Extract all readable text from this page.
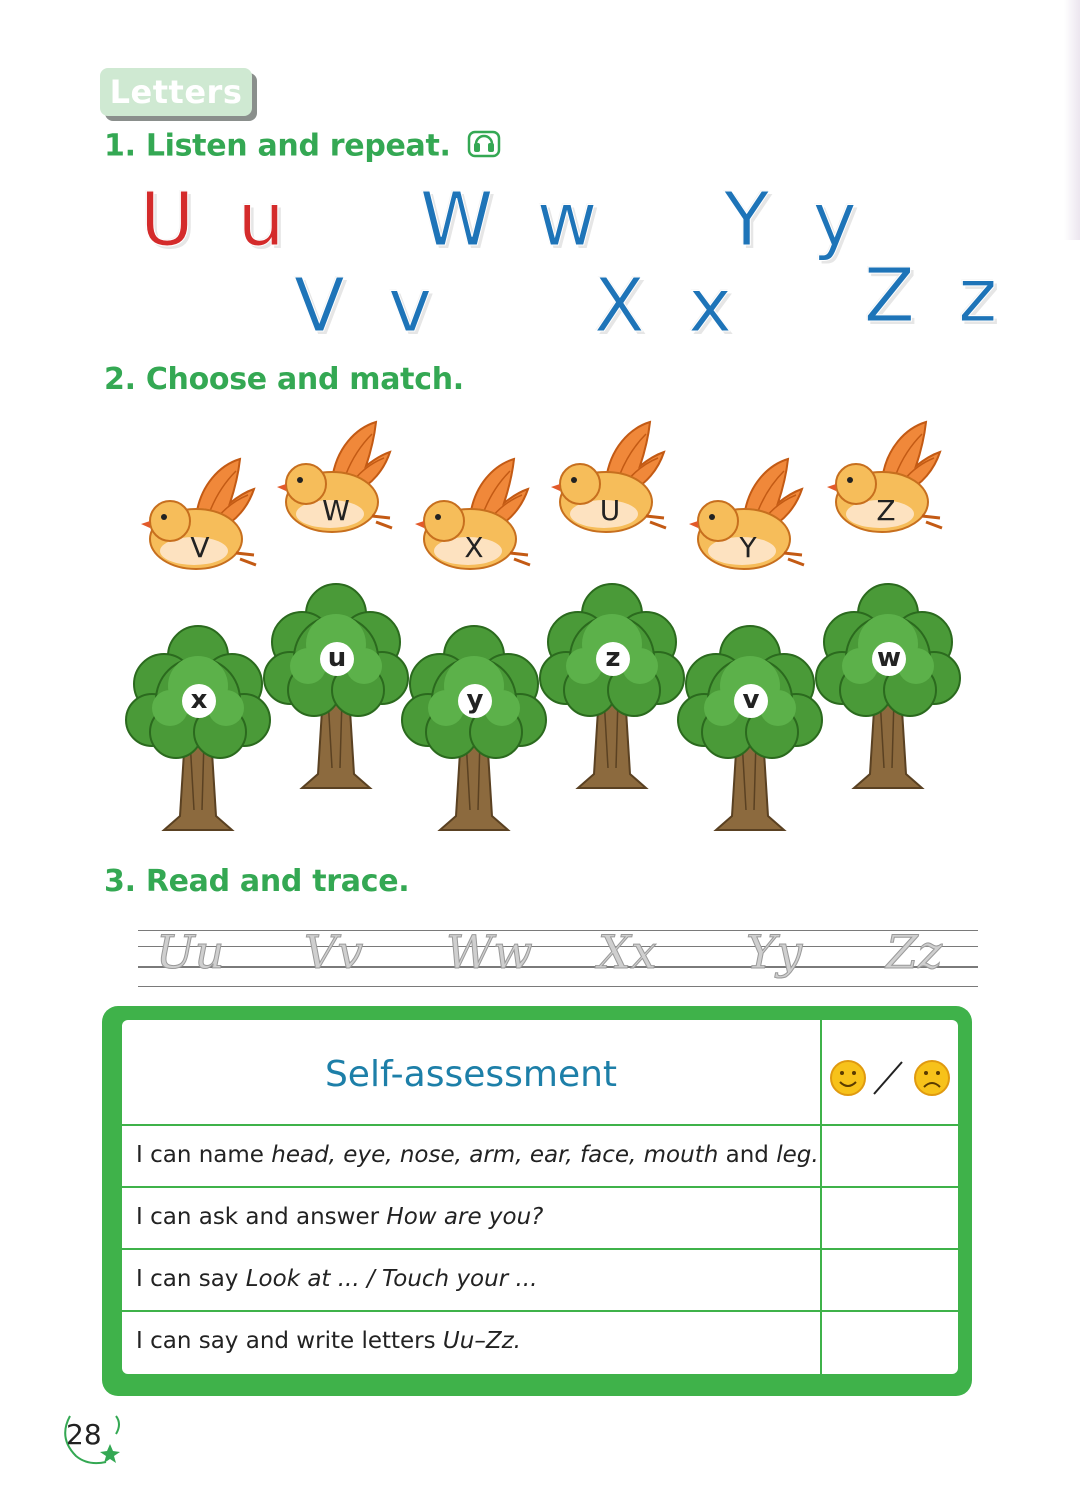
Letters
1. Listen and repeat.
U u
V v
W w
X x
Y y
Z z
2. Choose and match.
V
W
X
U
Y
Z
x
u
y
z
v
w
3. Read and trace.
Uu Vv Ww Xx Yy Zz
Self-assessment
I can name head, eye, nose, arm, ear, face, mouth and leg.
I can ask and answer How are you?
I can say Look at ... / Touch your ...
I can say and write letters Uu–Zz.
28
